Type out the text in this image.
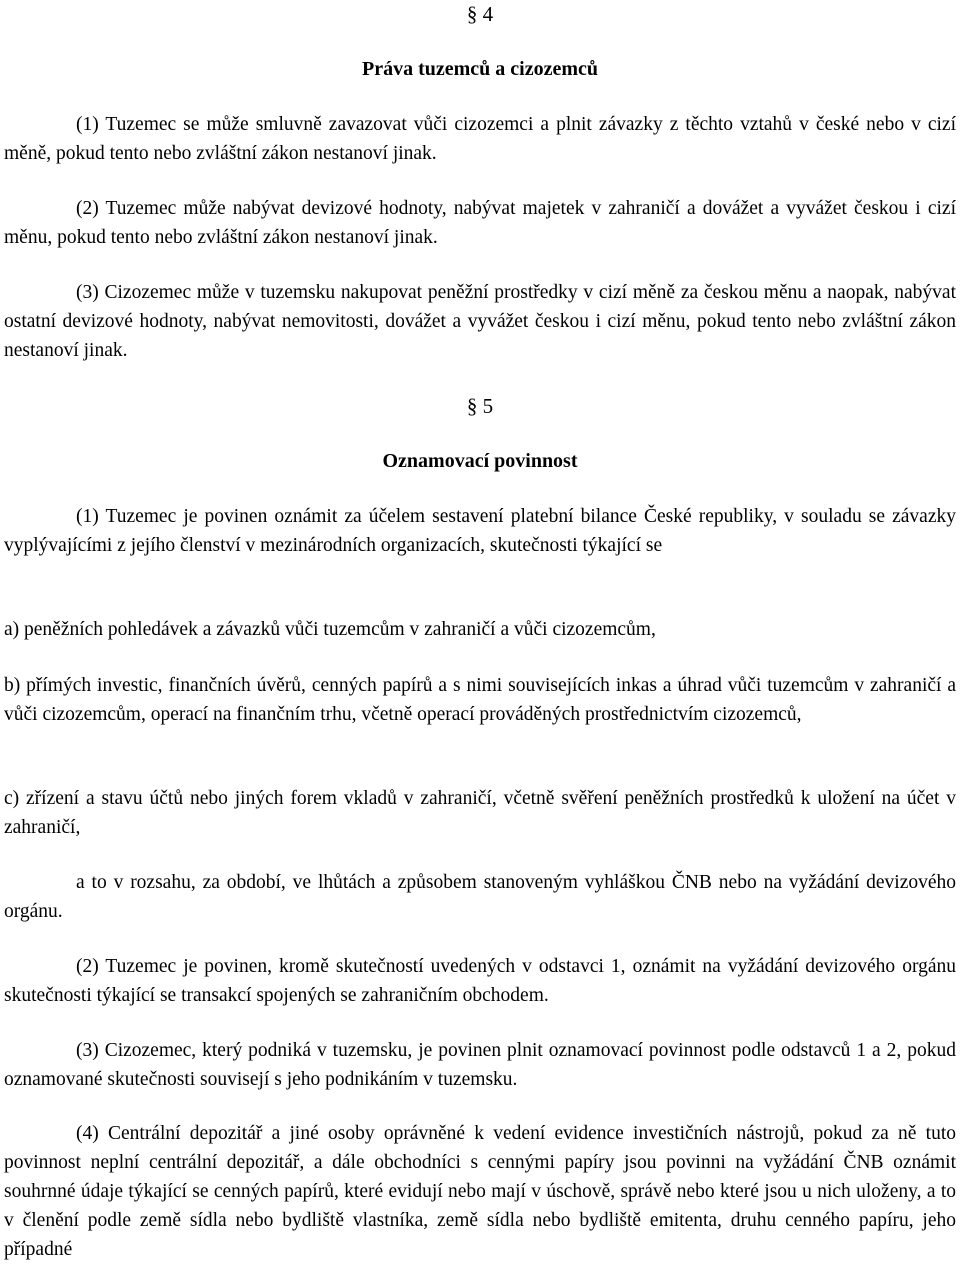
§ 4
Práva tuzemců a cizozemců

(1) Tuzemec se může smluvně zavazovat vůči cizozemci a plnit závazky z těchto vztahů v české nebo v cizí měně, pokud tento nebo zvláštní zákon nestanoví jinak.

(2) Tuzemec může nabývat devizové hodnoty, nabývat majetek v zahraničí a dovážet a vyvážet českou i cizí měnu, pokud tento nebo zvláštní zákon nestanoví jinak.

(3) Cizozemec může v tuzemsku nakupovat peněžní prostředky v cizí měně za českou měnu a naopak, nabývat ostatní devizové hodnoty, nabývat nemovitosti, dovážet a vyvážet českou i cizí měnu, pokud tento nebo zvláštní zákon nestanoví jinak.

§ 5
Oznamovací povinnost

(1) Tuzemec je povinen oznámit za účelem sestavení platební bilance České republiky, v souladu se závazky vyplývajícími z jejího členství v mezinárodních organizacích, skutečnosti týkající se

a) peněžních pohledávek a závazků vůči tuzemcům v zahraničí a vůči cizozemcům,

b) přímých investic, finančních úvěrů, cenných papírů a s nimi souvisejících inkas a úhrad vůči tuzemcům v zahraničí a vůči cizozemcům, operací na finančním trhu, včetně operací prováděných prostřednictvím cizozemců,

c) zřízení a stavu účtů nebo jiných forem vkladů v zahraničí, včetně svěření peněžních prostředků k uložení na účet v zahraničí,

a to v rozsahu, za období, ve lhůtách a způsobem stanoveným vyhláškou ČNB nebo na vyžádání devizového orgánu.

(2) Tuzemec je povinen, kromě skutečností uvedených v odstavci 1, oznámit na vyžádání devizového orgánu skutečnosti týkající se transakcí spojených se zahraničním obchodem.

(3) Cizozemec, který podniká v tuzemsku, je povinen plnit oznamovací povinnost podle odstavců 1 a 2, pokud oznamované skutečnosti souvisejí s jeho podnikáním v tuzemsku.

(4) Centrální depozitář a jiné osoby oprávněné k vedení evidence investičních nástrojů, pokud za ně tuto povinnost neplní centrální depozitář, a dále obchodníci s cennými papíry jsou povinni na vyžádání ČNB oznámit souhrnné údaje týkající se cenných papírů, které evidují nebo mají v úschově, správě nebo které jsou u nich uloženy, a to v členění podle země sídla nebo bydliště vlastníka, země sídla nebo bydliště emitenta, druhu cenného papíru, jeho případné
